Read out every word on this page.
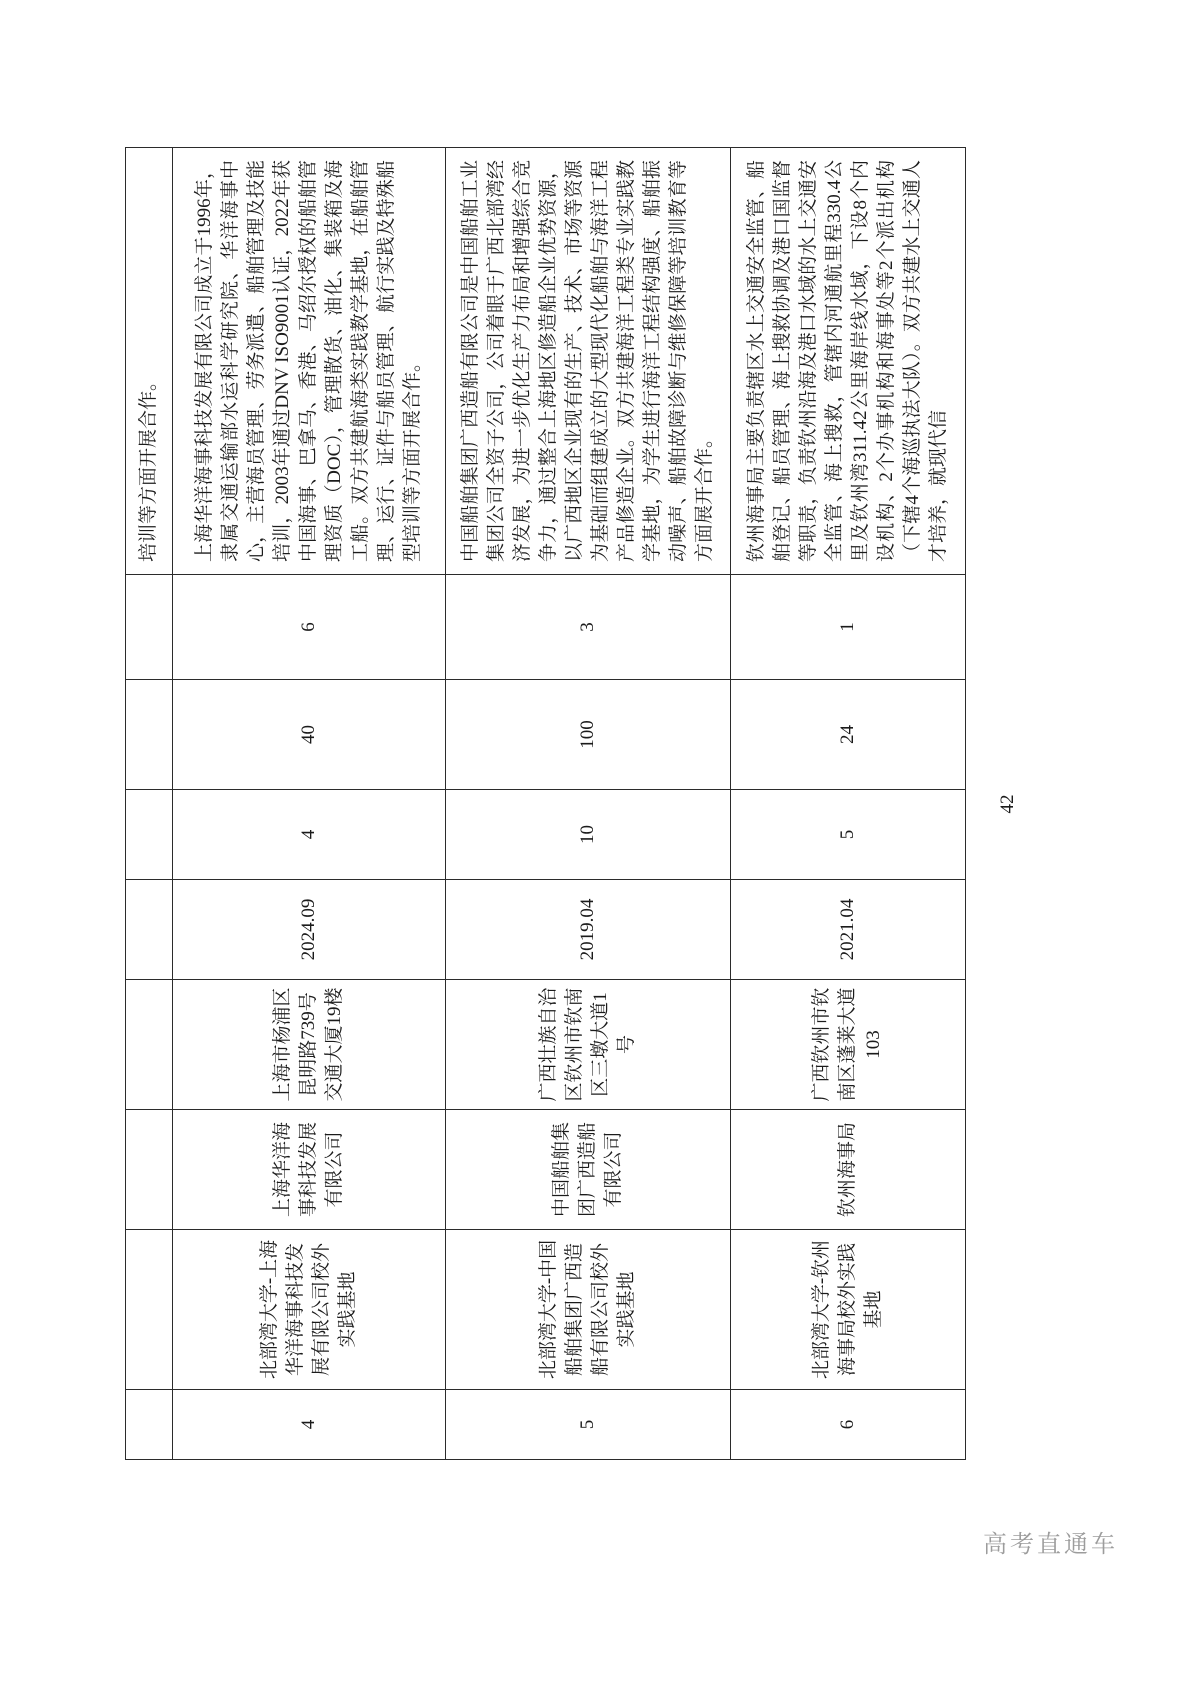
								培训等方面开展合作。
4	北部湾大学-上海华洋海事科技发展有限公司校外实践基地	上海华洋海事科技发展有限公司	上海市杨浦区昆明路739号交通大厦19楼	2024.09	4	40	6	上海华洋海事科技发展有限公司成立于1996年，隶属交通运输部水运科学研究院、华洋海事中心，主营海员管理、劳务派遣、船舶管理及技能培训，2003年通过DNV ISO9001认证，2022年获中国海事、巴拿马、香港、马绍尔授权的船舶管理资质（DOC），管理散货、油化、集装箱及海工船。双方共建航海类实践教学基地，在船舶管理、运行、证件与船员管理、航行实践及特殊船型培训等方面开展合作。
5	北部湾大学-中国船舶集团广西造船有限公司校外实践基地	中国船舶集团广西造船有限公司	广西壮族自治区钦州市钦南区三墩大道1号	2019.04	10	100	3	中国船舶集团广西造船有限公司是中国船舶工业集团公司全资子公司，公司着眼于广西北部湾经济发展，为进一步优化生产力布局和增强综合竞争力，通过整合上海地区修造船企业优势资源，以广西地区企业现有的生产、技术、市场等资源为基础而组建成立的大型现代化船舶与海洋工程产品修造企业。双方共建海洋工程类专业实践教学基地，为学生进行海洋工程结构强度、船舶振动噪声、船舶故障诊断与维修保障等培训教育等方面展开合作。
6	北部湾大学-钦州海事局校外实践基地	钦州海事局	广西钦州市钦南区蓬莱大道103	2021.04	5	24	1	钦州海事局主要负责辖区水上交通安全监管、船舶登记、船员管理、海上搜救协调及港口国监督等职责，负责钦州沿海及港口水域的水上交通安全监管、海上搜救，管辖内河通航里程330.4公里及钦州湾311.42公里海岸线水域，下设8个内设机构、2个办事机构和海事处等2个派出机构（下辖4个海巡执法大队）。双方共建水上交通人才培养，就现代信
42
高考直通车
